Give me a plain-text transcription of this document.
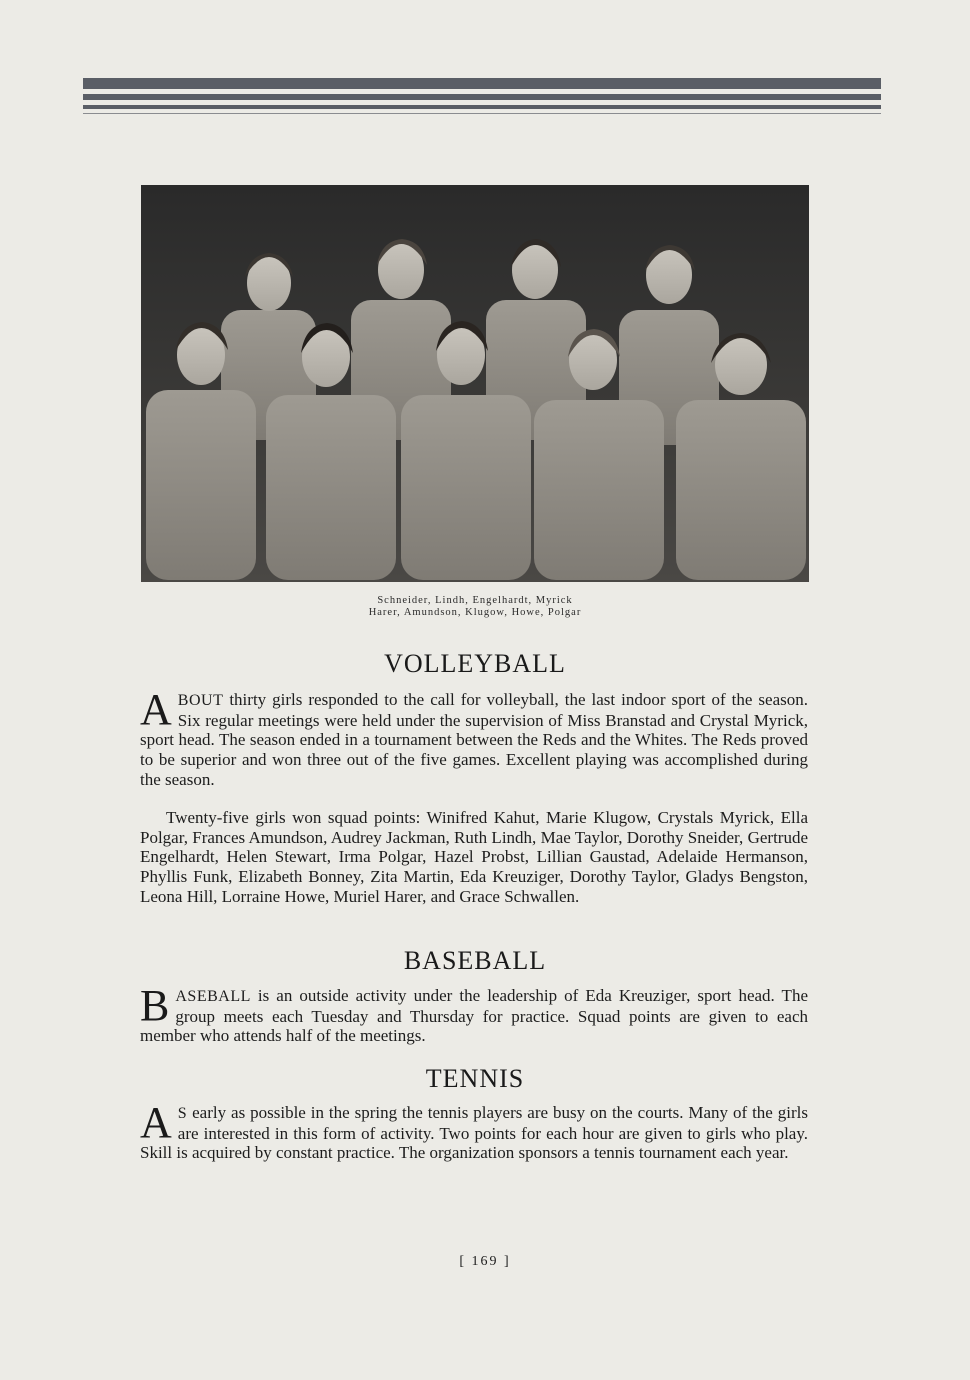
Schneider, Lindh, Engelhardt, Myrick
Harer, Amundson, Klugow, Howe, Polgar
VOLLEYBALL

ABOUT thirty girls responded to the call for volleyball, the last indoor sport of the season. Six regular meetings were held under the supervision of Miss Branstad and Crystal Myrick, sport head. The season ended in a tournament between the Reds and the Whites. The Reds proved to be superior and won three out of the five games. Excellent playing was accomplished during the season.

Twenty-five girls won squad points: Winifred Kahut, Marie Klugow, Crystals Myrick, Ella Polgar, Frances Amundson, Audrey Jackman, Ruth Lindh, Mae Taylor, Dorothy Sneider, Gertrude Engelhardt, Helen Stewart, Irma Polgar, Hazel Probst, Lillian Gaustad, Adelaide Hermanson, Phyllis Funk, Elizabeth Bonney, Zita Martin, Eda Kreuziger, Dorothy Taylor, Gladys Bengston, Leona Hill, Lorraine Howe, Muriel Harer, and Grace Schwallen.

BASEBALL

BASEBALL is an outside activity under the leadership of Eda Kreuziger, sport head. The group meets each Tuesday and Thursday for practice. Squad points are given to each member who attends half of the meetings.

TENNIS

A S early as possible in the spring the tennis players are busy on the courts. Many of the girls are interested in this form of activity. Two points for each hour are given to girls who play. Skill is acquired by constant practice. The organization sponsors a tennis tournament each year.

[ 169 ]
